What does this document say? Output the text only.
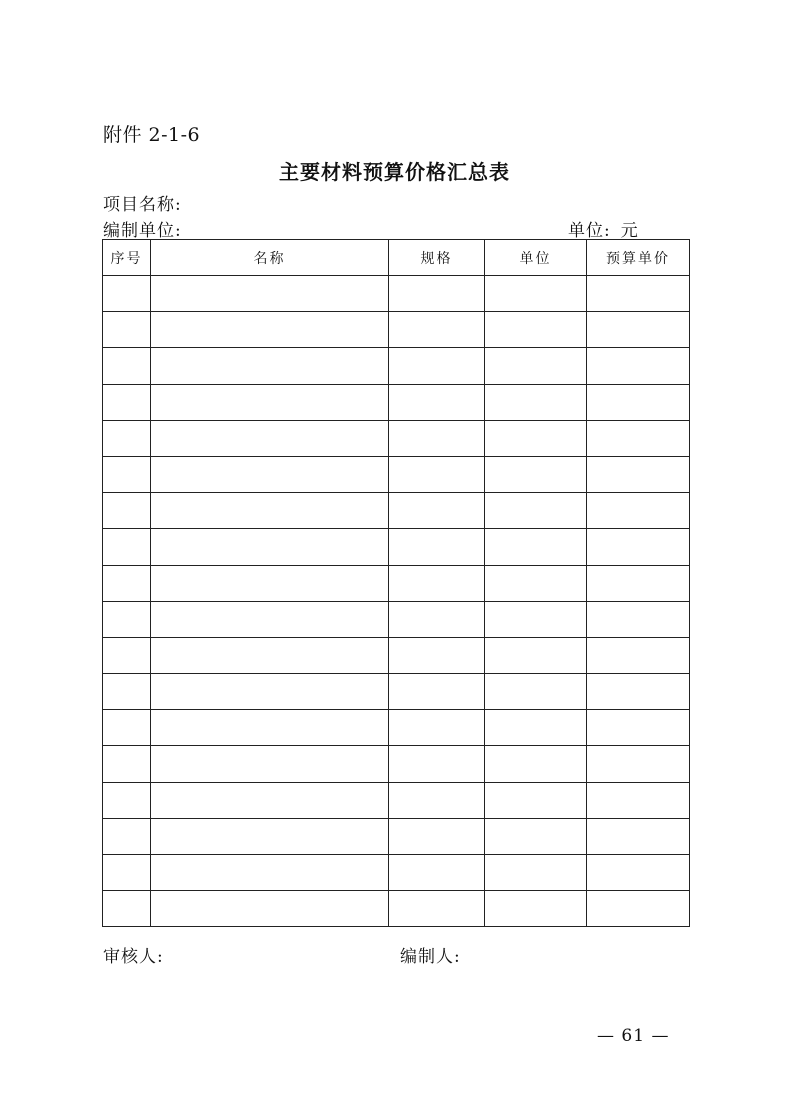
附件 2-1-6
主要材料预算价格汇总表
项目名称:
编制单位:	单位: 元
序号	名称	规格	单位	预算单价

审核人:	编制人:
— 61 —
